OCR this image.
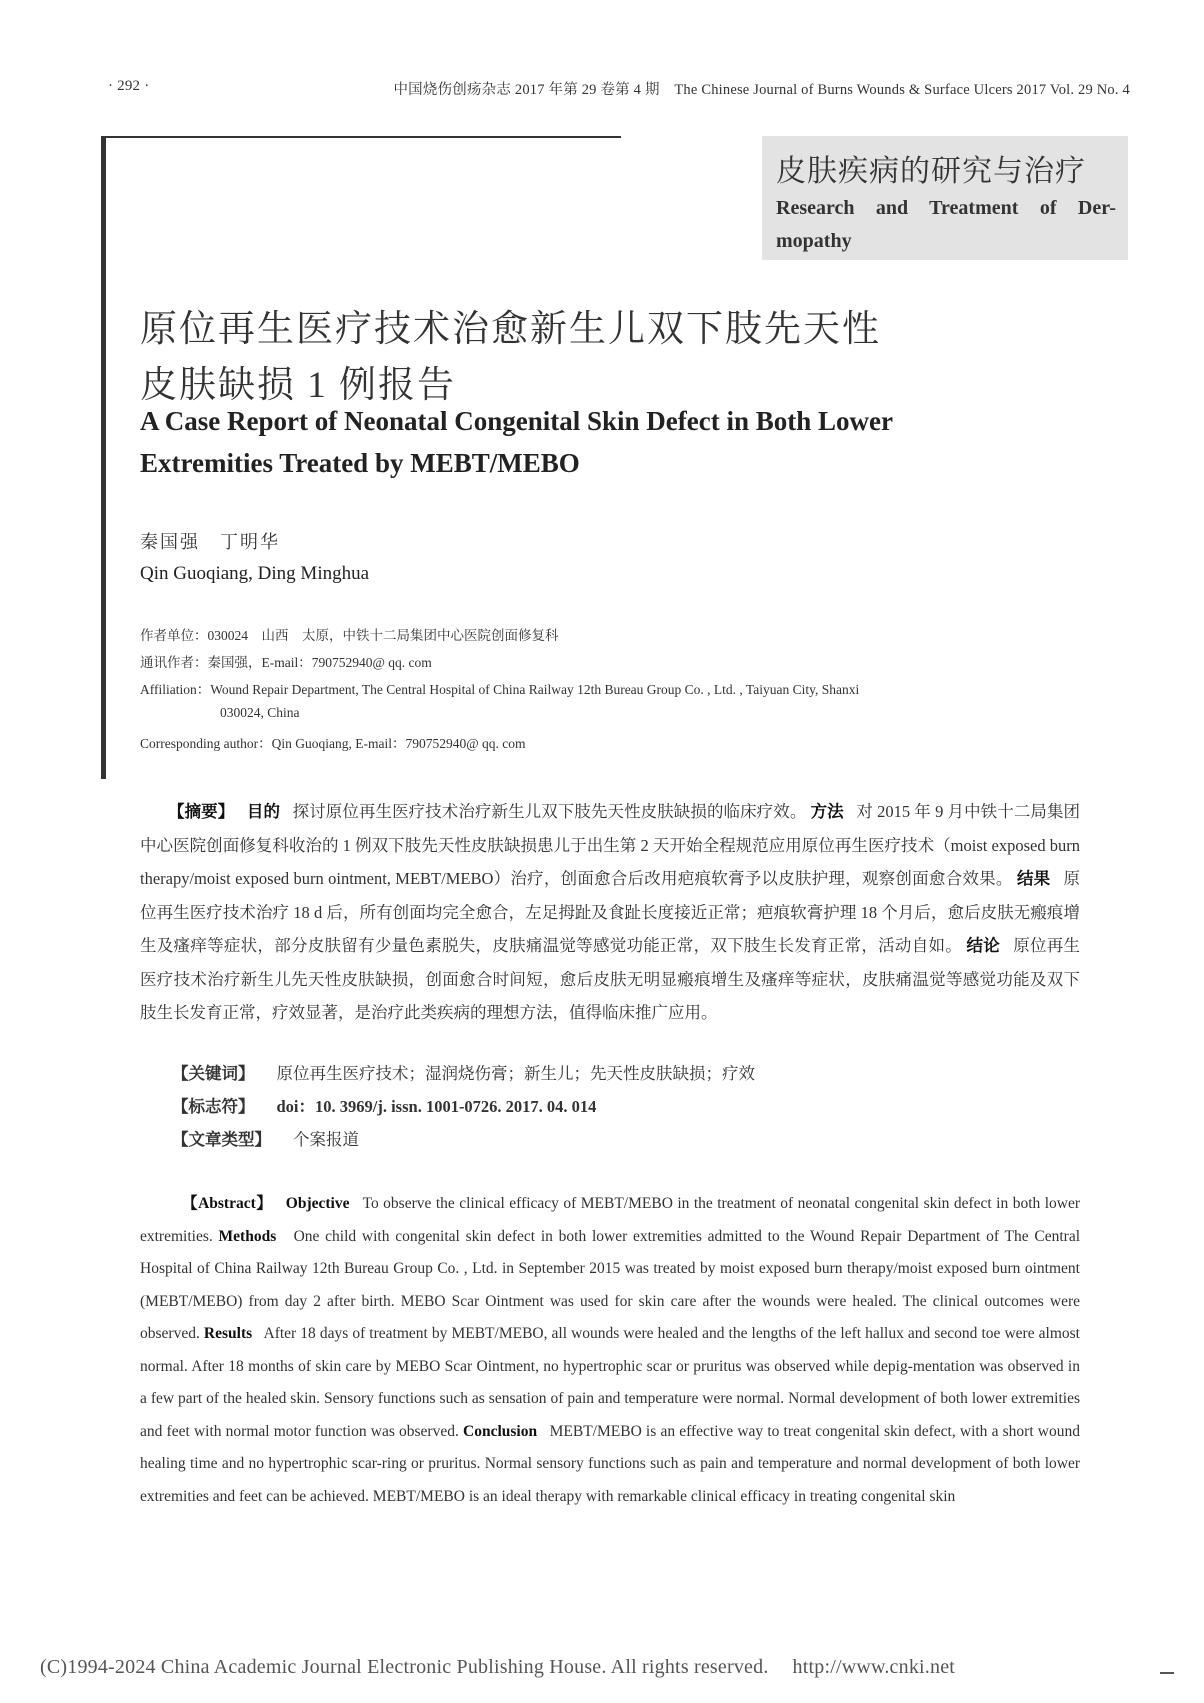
· 292 ·	中国烧伤创疡杂志 2017 年第 29 卷第 4 期　The Chinese Journal of Burns Wounds & Surface Ulcers 2017 Vol. 29 No. 4
皮肤疾病的研究与治疗
Research and Treatment of Der-mopathy
原位再生医疗技术治愈新生儿双下肢先天性
皮肤缺损 1 例报告
A Case Report of Neonatal Congenital Skin Defect in Both Lower
Extremities Treated by MEBT/MEBO
秦国强　丁明华
Qin Guoqiang, Ding Minghua
作者单位：030024　山西　太原，中铁十二局集团中心医院创面修复科
通讯作者：秦国强，E-mail：790752940@ qq. com
Affiliation：Wound Repair Department, The Central Hospital of China Railway 12th Bureau Group Co. , Ltd. , Taiyuan City, Shanxi
030024, China
Corresponding author：Qin Guoqiang, E-mail：790752940@ qq. com
【摘要】 目的 探讨原位再生医疗技术治疗新生儿双下肢先天性皮肤缺损的临床疗效。 方法 对 2015 年 9 月中铁十二局集团中心医院创面修复科收治的 1 例双下肢先天性皮肤缺损患儿于出生第 2 天开始全程规范应用原位再生医疗技术（moist exposed burn therapy/moist exposed burn ointment, MEBT/MEBO）治疗，创面愈合后改用疤痕软膏予以皮肤护理，观察创面愈合效果。 结果 原位再生医疗技术治疗 18 d 后，所有创面均完全愈合，左足拇趾及食趾长度接近正常；疤痕软膏护理 18 个月后，愈后皮肤无瘢痕增生及瘙痒等症状，部分皮肤留有少量色素脱失，皮肤痛温觉等感觉功能正常，双下肢生长发育正常，活动自如。 结论 原位再生医疗技术治疗新生儿先天性皮肤缺损，创面愈合时间短，愈后皮肤无明显瘢痕增生及瘙痒等症状，皮肤痛温觉等感觉功能及双下肢生长发育正常，疗效显著，是治疗此类疾病的理想方法，值得临床推广应用。
【关键词】 原位再生医疗技术；湿润烧伤膏；新生儿；先天性皮肤缺损；疗效
【标志符】 doi：10. 3969/j. issn. 1001-0726. 2017. 04. 014
【文章类型】 个案报道
【Abstract】 Objective To observe the clinical efficacy of MEBT/MEBO in the treatment of neonatal congenital skin defect in both lower extremities. Methods One child with congenital skin defect in both lower extremities admitted to the Wound Repair Department of The Central Hospital of China Railway 12th Bureau Group Co. , Ltd. in September 2015 was treated by moist exposed burn therapy/moist exposed burn ointment (MEBT/MEBO) from day 2 after birth. MEBO Scar Ointment was used for skin care after the wounds were healed. The clinical outcomes were observed. Results After 18 days of treatment by MEBT/MEBO, all wounds were healed and the lengths of the left hallux and second toe were almost normal. After 18 months of skin care by MEBO Scar Ointment, no hypertrophic scar or pruritus was observed while depig-mentation was observed in a few part of the healed skin. Sensory functions such as sensation of pain and temperature were normal. Normal development of both lower extremities and feet with normal motor function was observed. Conclusion MEBT/MEBO is an effective way to treat congenital skin defect, with a short wound healing time and no hypertrophic scar-ring or pruritus. Normal sensory functions such as pain and temperature and normal development of both lower extremities and feet can be achieved. MEBT/MEBO is an ideal therapy with remarkable clinical efficacy in treating congenital skin
(C)1994-2024 China Academic Journal Electronic Publishing House. All rights reserved. http://www.cnki.net
